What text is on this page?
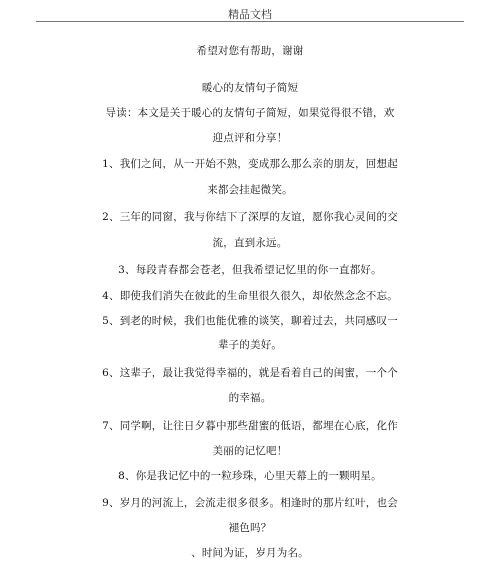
精品文档
希望对您有帮助，谢谢
暖心的友情句子简短
导读：本文是关于暖心的友情句子简短，如果觉得很不错，欢
迎点评和分享！
1、我们之间，从一开始不熟，变成那么那么亲的朋友，回想起
来都会挂起微笑。
2、三年的同窗，我与你结下了深厚的友谊，愿你我心灵间的交
流，直到永远。
3、每段青春都会苍老，但我希望记忆里的你一直都好。
4、即使我们消失在彼此的生命里很久很久，却依然念念不忘。
5、到老的时候，我们也能优雅的谈笑，聊着过去，共同感叹一
辈子的美好。
6、这辈子，最让我觉得幸福的，就是看着自己的闺蜜，一个个
的幸福。
7、同学啊，让往日夕暮中那些甜蜜的低语，都埋在心底，化作
美丽的记忆吧！
8、你是我记忆中的一粒珍珠，心里天幕上的一颗明星。
9、岁月的河流上，会流走很多很多。相逢时的那片红叶，也会
褪色吗？
、时间为证，岁月为名。
